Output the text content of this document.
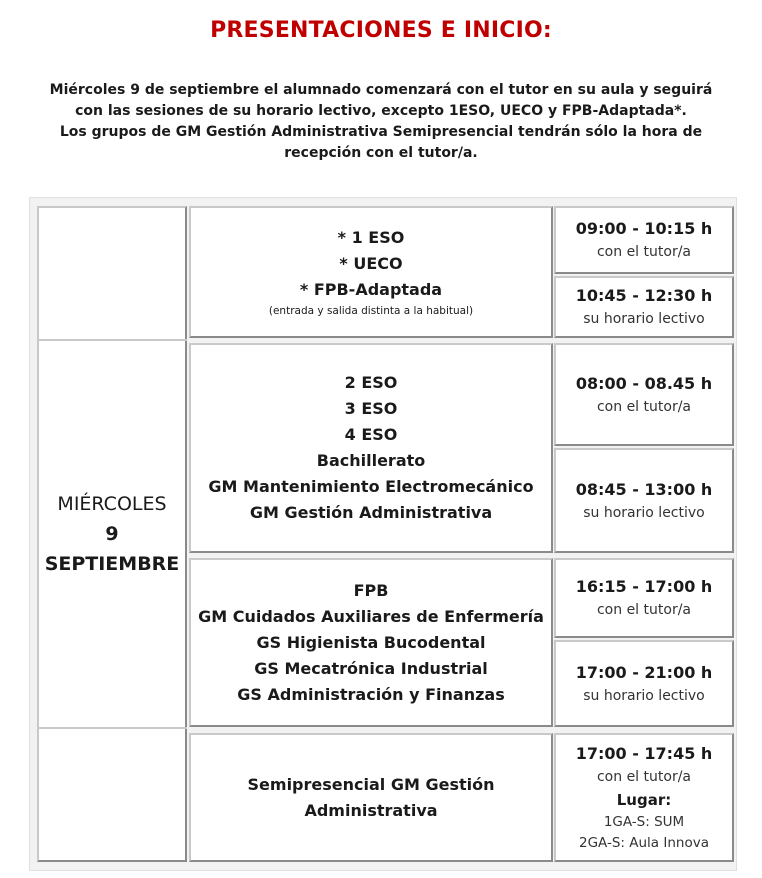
PRESENTACIONES E INICIO:
Miércoles 9 de septiembre el alumnado comenzará con el tutor en su aula y seguirá
con las sesiones de su horario lectivo, excepto 1ESO, UECO y FPB-Adaptada*.
Los grupos de GM Gestión Administrativa Semipresencial tendrán sólo la hora de
recepción con el tutor/a.
MIÉRCOLES
9
SEPTIEMBRE
* 1 ESO
* UECO
* FPB-Adaptada
(entrada y salida distinta a la habitual)
09:00 - 10:15 h
con el tutor/a
10:45 - 12:30 h
su horario lectivo
2 ESO
3 ESO
4 ESO
Bachillerato
GM Mantenimiento Electromecánico
GM Gestión Administrativa
08:00 - 08.45 h
con el tutor/a
08:45 - 13:00 h
su horario lectivo
FPB
GM Cuidados Auxiliares de Enfermería
GS Higienista Bucodental
GS Mecatrónica Industrial
GS Administración y Finanzas
16:15 - 17:00 h
con el tutor/a
17:00 - 21:00 h
su horario lectivo
Semipresencial GM Gestión
Administrativa
17:00 - 17:45 h
con el tutor/a
Lugar:
1GA-S: SUM
2GA-S: Aula Innova
